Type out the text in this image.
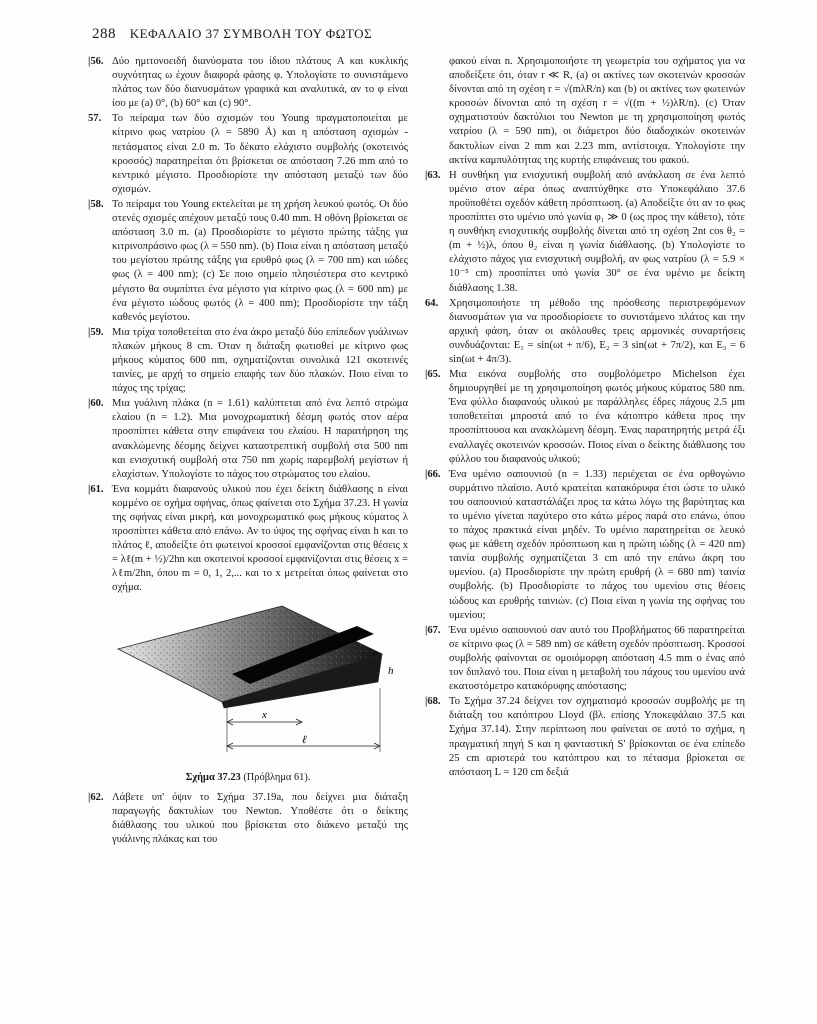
288 ΚΕΦΑΛΑΙΟ 37 ΣΥΜΒΟΛΗ ΤΟΥ ΦΩΤΟΣ
|56. Δύο ημιτονοειδή διανύσματα του ίδιου πλάτους A και κυκλικής συχνότητας ω έχουν διαφορά φάσης φ. Υπολογίστε το συνιστάμενο πλάτος των δύο διανυσμάτων γραφικά και αναλυτικά, αν το φ είναι ίσο με (a) 0°, (b) 60° και (c) 90°.
57.	Το πείραμα των δύο σχισμών του Young πραγματοποιείται με κίτρινο φως νατρίου (λ = 5890 Å) και η απόσταση σχισμών - πετάσματος είναι 2.0 m. Το δέκατο ελάχιστο συμβολής (σκοτεινός κροσσός) παρατηρείται ότι βρίσκεται σε απόσταση 7.26 mm από το κεντρικό μέγιστο. Προσδιορίστε την απόσταση μεταξύ των δύο σχισμών.
|58. Το πείραμα του Young εκτελείται με τη χρήση λευκού φωτός. Οι δύο στενές σχισμές απέχουν μεταξύ τους 0.40 mm. Η οθόνη βρίσκεται σε απόσταση 3.0 m. (a) Προσδιορίστε το μέγιστο πρώτης τάξης για κιτρινοπράσινο φως (λ = 550 nm). (b) Ποια είναι η απόσταση μεταξύ του μεγίστου πρώτης τάξης για ερυθρό φως (λ = 700 nm) και ιώδες φως (λ = 400 nm); (c) Σε ποιο σημείο πλησιέστερα στο κεντρικό μέγιστο θα συμπίπτει ένα μέγιστο για κίτρινο φως (λ = 600 nm) με ένα μέγιστο ιώδους φωτός (λ = 400 nm); Προσδιορίστε την τάξη καθενός μεγίστου.
|59. Μια τρίχα τοποθετείται στο ένα άκρο μεταξύ δύο επίπεδων γυάλινων πλακών μήκους 8 cm. Όταν η διάταξη φωτισθεί με κίτρινο φως μήκους κύματος 600 nm, σχηματίζονται συνολικά 121 σκοτεινές ταινίες, με αρχή το σημείο επαφής των δύο πλακών. Ποιο είναι το πάχος της τρίχας;
|60. Μια γυάλινη πλάκα (n = 1.61) καλύπτεται από ένα λεπτό στρώμα ελαίου (n = 1.2). Μια μονοχρωματική δέσμη φωτός στον αέρα προσπίπτει κάθετα στην επιφάνεια του ελαίου. Η παρατήρηση της ανακλώμενης δέσμης δείχνει καταστρεπτική συμβολή στα 500 nm και ενισχυτική συμβολή στα 750 nm χωρίς παρεμβολή μεγίστων ή ελαχίστων. Υπολογίστε το πάχος του στρώματος του ελαίου.
|61. Ένα κομμάτι διαφανούς υλικού που έχει δείκτη διάθλασης n είναι κομμένο σε σχήμα σφήνας, όπως φαίνεται στο Σχήμα 37.23. Η γωνία της σφήνας είναι μικρή, και μονοχρωματικό φως μήκους κύματος λ προσπίπτει κάθετα από επάνω. Αν το ύψος της σφήνας είναι h και το πλάτος ℓ, αποδείξτε ότι φωτεινοί κροσσοί εμφανίζονται στις θέσεις x = λℓ(m + ½)/2hn και σκοτεινοί κροσσοί εμφανίζονται στις θέσεις x = λℓm/2hn, όπου m = 0, 1, 2,... και το x μετρείται όπως φαίνεται στο σχήμα.
h
x
ℓ
Σχήμα 37.23 (Πρόβλημα 61).
|62. Λάβετε υπ' όψιν το Σχήμα 37.19a, που δείχνει μια διάταξη παραγωγής δακτυλίων του Newton. Υποθέστε ότι ο δείκτης διάθλασης του υλικού που βρίσκεται στο διάκενο μεταξύ της γυάλινης πλάκας και του
φακού είναι n. Χρησιμοποιήστε τη γεωμετρία του σχήματος για να αποδείξετε ότι, όταν r ≪ R, (a) οι ακτίνες των σκοτεινών κροσσών δίνονται από τη σχέση r = √(mλR/n) και (b) οι ακτίνες των φωτεινών κροσσών δίνονται από τη σχέση r = √((m + ½)λR/n). (c) Όταν σχηματιστούν δακτύλιοι του Newton με τη χρησιμοποίηση φωτός νατρίου (λ = 590 nm), οι διάμετροι δύο διαδοχικών σκοτεινών δακτυλίων είναι 2 mm και 2.23 mm, αντίστοιχα. Υπολογίστε την ακτίνα καμπυλότητας της κυρτής επιφάνειας του φακού.
|63. Η συνθήκη για ενισχυτική συμβολή από ανάκλαση σε ένα λεπτό υμένιο στον αέρα όπως αναπτύχθηκε στο Υποκεφάλαιο 37.6 προϋποθέτει σχεδόν κάθετη πρόσπτωση. (a) Αποδείξτε ότι αν το φως προσπίπτει στο υμένιο υπό γωνία φ₁ ≫ 0 (ως προς την κάθετο), τότε η συνθήκη ενισχυτικής συμβολής δίνεται από τη σχέση 2nt cos θ₂ = (m + ½)λ, όπου θ₂ είναι η γωνία διάθλασης. (b) Υπολογίστε το ελάχιστο πάχος για ενισχυτική συμβολή, αν φως νατρίου (λ = 5.9 × 10⁻⁵ cm) προσπίπτει υπό γωνία 30° σε ένα υμένιο με δείκτη διάθλασης 1.38.
64.	Χρησιμοποιήστε τη μέθοδο της πρόσθεσης περιστρεφόμενων διανυσμάτων για να προσδιορίσετε το συνιστάμενο πλάτος και την αρχική φάση, όταν οι ακόλουθες τρεις αρμονικές συναρτήσεις συνδυάζονται: E₁ = sin(ωt + π/6), E₂ = 3 sin(ωt + 7π/2), και E₃ = 6 sin(ωt + 4π/3).
|65. Μια εικόνα συμβολής στο συμβολόμετρο Michelson έχει δημιουργηθεί με τη χρησιμοποίηση φωτός μήκους κύματος 580 nm. Ένα φύλλο διαφανούς υλικού με παράλληλες έδρες πάχους 2.5 μm τοποθετείται μπροστά από το ένα κάτοπτρο κάθετα προς την προσπίπτουσα και ανακλώμενη δέσμη. Ένας παρατηρητής μετρά έξι εναλλαγές σκοτεινών κροσσών. Ποιος είναι ο δείκτης διάθλασης του φύλλου του διαφανούς υλικού;
|66. Ένα υμένιο σαπουνιού (n = 1.33) περιέχεται σε ένα ορθογώνιο συρμάτινο πλαίσιο. Αυτό κρατείται κατακόρυφα έτσι ώστε το υλικό του σαπουνιού καταστάλάζει προς τα κάτω λόγω της βαρύτητας και το υμένιο γίνεται παχύτερο στο κάτω μέρος παρά στο επάνω, όπου το πάχος πρακτικά είναι μηδέν. Το υμένιο παρατηρείται σε λευκό φως με κάθετη σχεδόν πρόσπτωση και η πρώτη ιώδης (λ = 420 nm) ταινία συμβολής σχηματίζεται 3 cm από την επάνω άκρη του υμενίου. (a) Προσδιορίστε την πρώτη ερυθρή (λ = 680 nm) ταινία συμβολής. (b) Προσδιορίστε το πάχος του υμενίου στις θέσεις ιώδους και ερυθρής ταινιών. (c) Ποια είναι η γωνία της σφήνας του υμενίου;
|67. Ένα υμένιο σαπουνιού σαν αυτό του Προβλήματος 66 παρατηρείται σε κίτρινο φως (λ = 589 nm) σε κάθετη σχεδόν πρόσπτωση. Κροσσοί συμβολής φαίνονται σε ομοιόμορφη απόσταση 4.5 mm ο ένας από τον διπλανό του. Ποια είναι η μεταβολή του πάχους του υμενίου ανά εκατοστόμετρο κατακόρυφης απόστασης;
|68. Το Σχήμα 37.24 δείχνει τον σχηματισμό κροσσών συμβολής με τη διάταξη του κατόπτρου Lloyd (βλ. επίσης Υποκεφάλαιο 37.5 και Σχήμα 37.14). Στην περίπτωση που φαίνεται σε αυτό το σχήμα, η πραγματική πηγή S και η φανταστική S' βρίσκονται σε ένα επίπεδο 25 cm αριστερά του κατόπτρου και το πέτασμα βρίσκεται σε απόσταση L = 120 cm δεξιά
